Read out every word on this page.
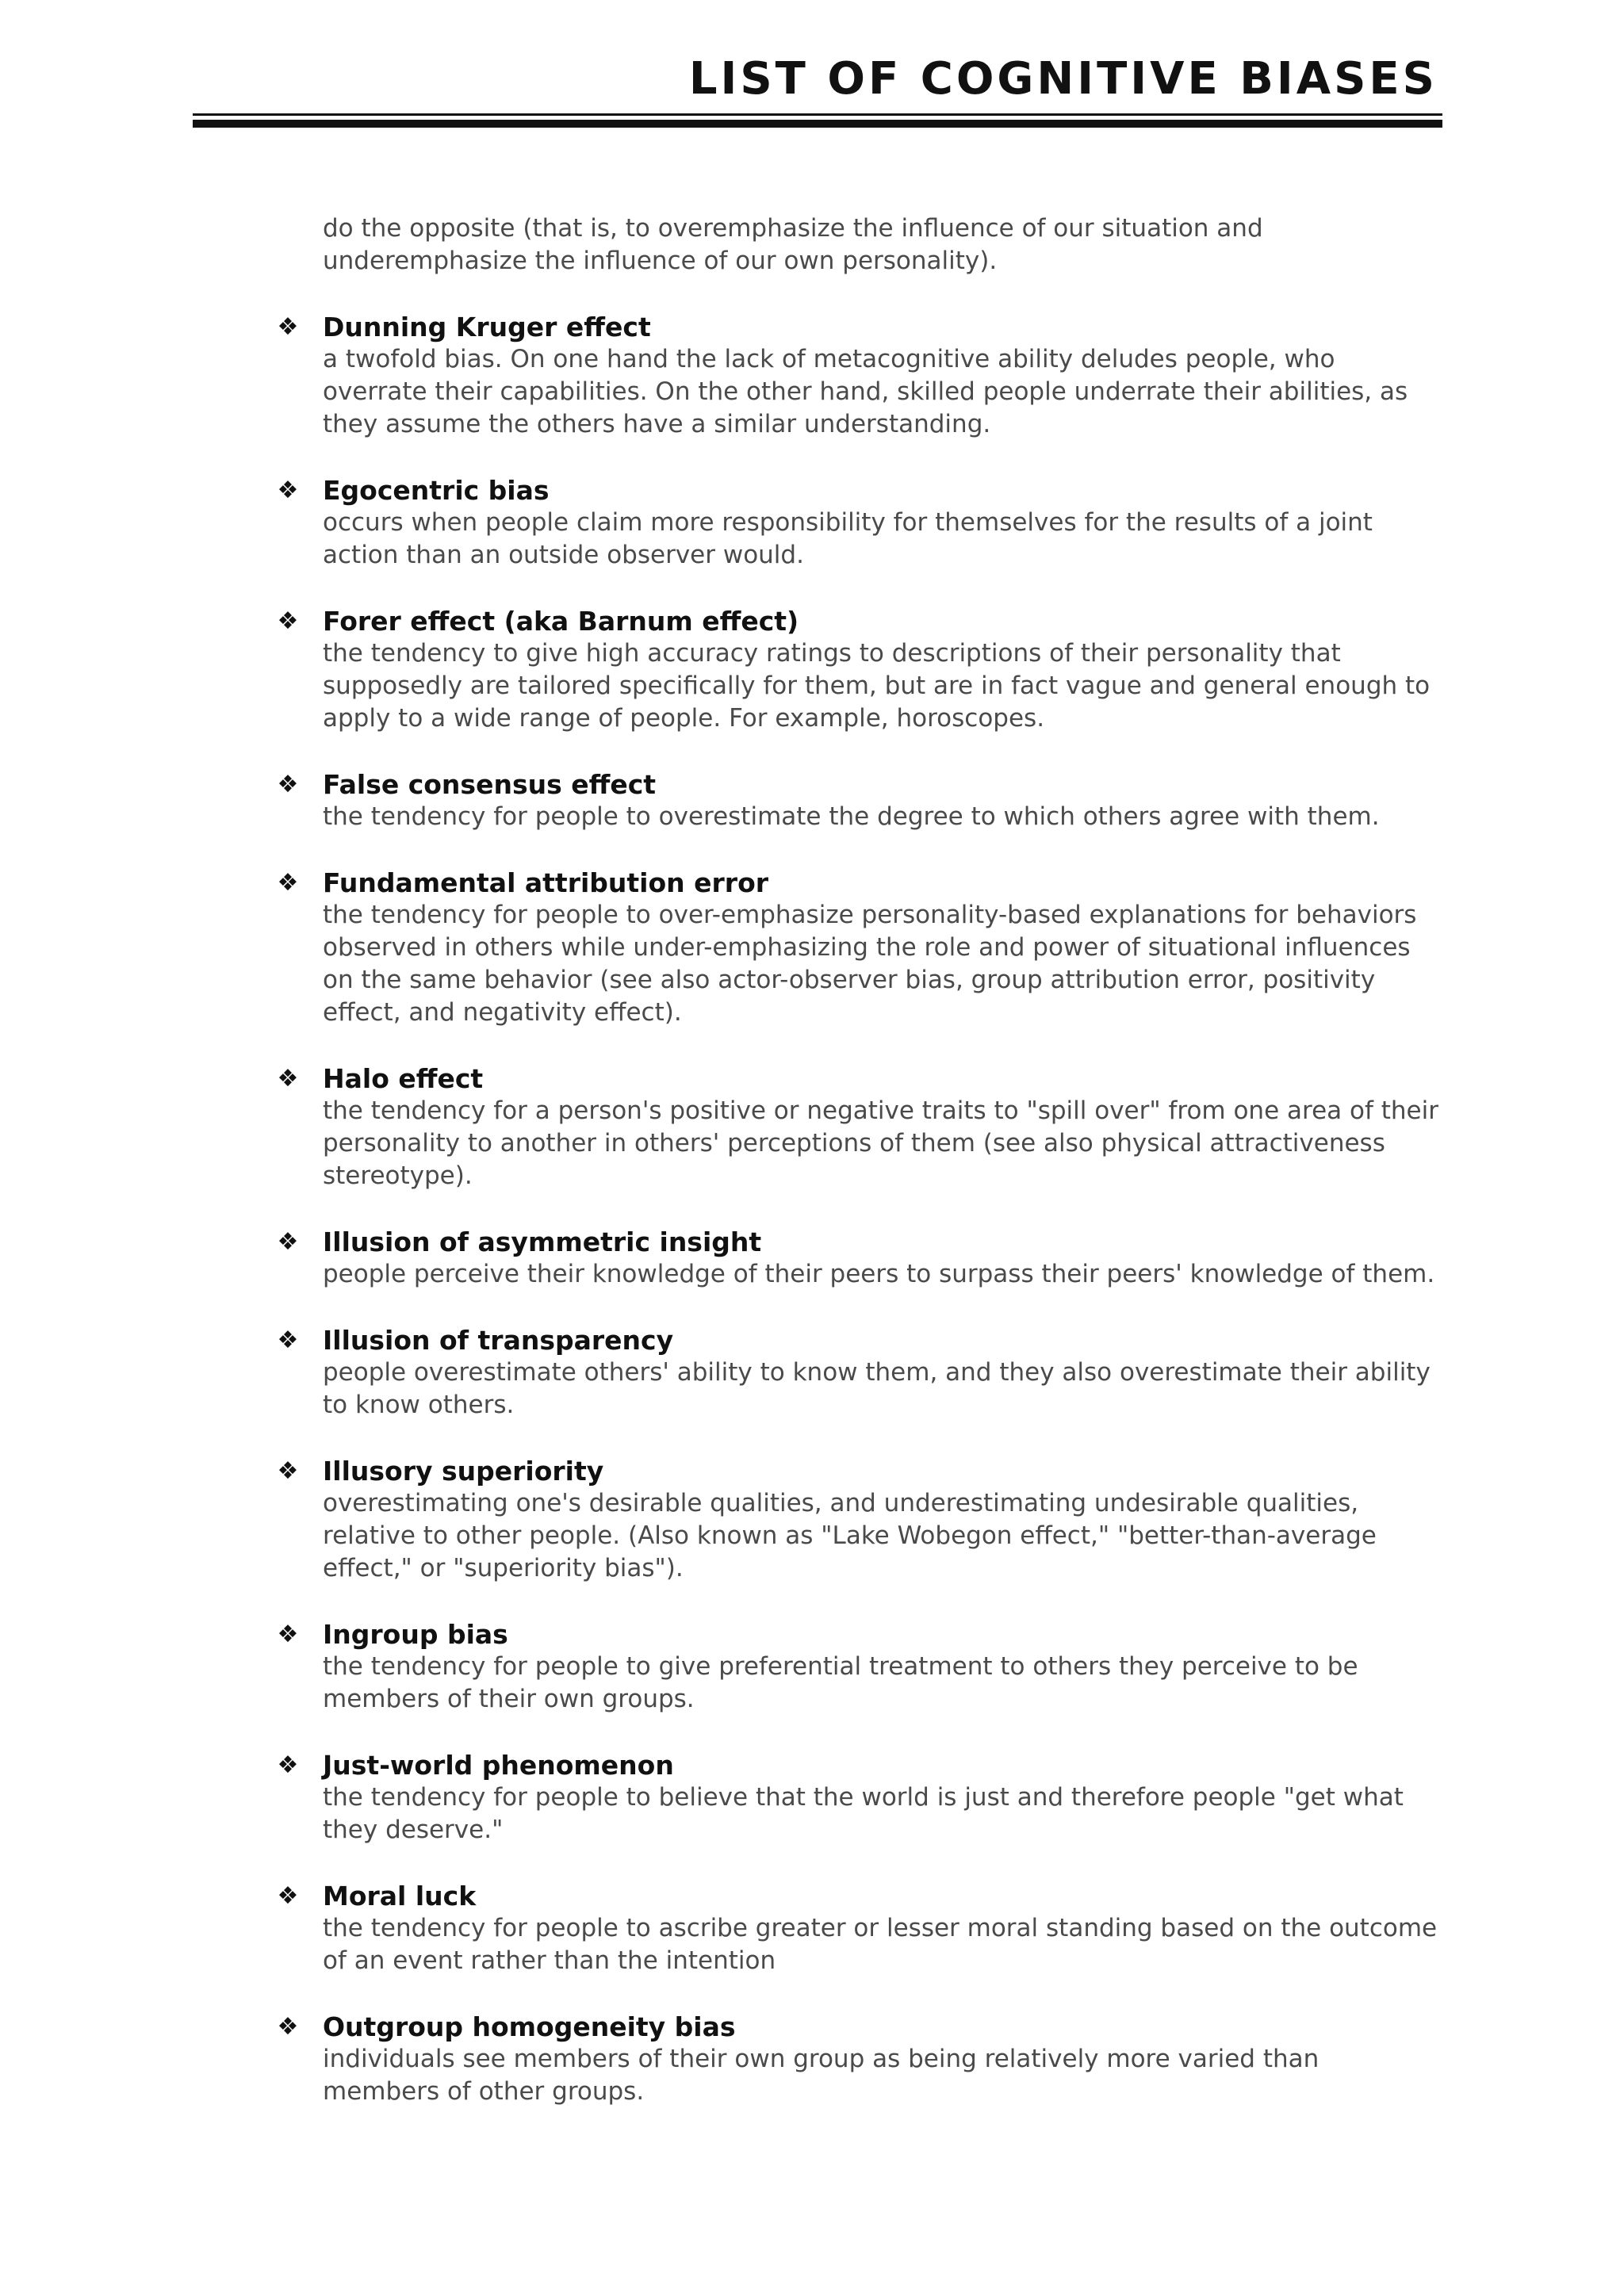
LIST OF COGNITIVE BIASES
do the opposite (that is, to overemphasize the influence of our situation and underemphasize the influence of our own personality).
❖ Dunning Kruger effect
a twofold bias. On one hand the lack of metacognitive ability deludes people, who overrate their capabilities. On the other hand, skilled people underrate their abilities, as they assume the others have a similar understanding.
❖ Egocentric bias
occurs when people claim more responsibility for themselves for the results of a joint action than an outside observer would.
❖ Forer effect (aka Barnum effect)
the tendency to give high accuracy ratings to descriptions of their personality that supposedly are tailored specifically for them, but are in fact vague and general enough to apply to a wide range of people. For example, horoscopes.
❖ False consensus effect
the tendency for people to overestimate the degree to which others agree with them.
❖ Fundamental attribution error
the tendency for people to over-emphasize personality-based explanations for behaviors observed in others while under-emphasizing the role and power of situational influences on the same behavior (see also actor-observer bias, group attribution error, positivity effect, and negativity effect).
❖ Halo effect
the tendency for a person's positive or negative traits to "spill over" from one area of their personality to another in others' perceptions of them (see also physical attractiveness stereotype).
❖ Illusion of asymmetric insight
people perceive their knowledge of their peers to surpass their peers' knowledge of them.
❖ Illusion of transparency
people overestimate others' ability to know them, and they also overestimate their ability to know others.
❖ Illusory superiority
overestimating one's desirable qualities, and underestimating undesirable qualities, relative to other people. (Also known as "Lake Wobegon effect," "better-than-average effect," or "superiority bias").
❖ Ingroup bias
the tendency for people to give preferential treatment to others they perceive to be members of their own groups.
❖ Just-world phenomenon
the tendency for people to believe that the world is just and therefore people "get what they deserve."
❖ Moral luck
the tendency for people to ascribe greater or lesser moral standing based on the outcome of an event rather than the intention
❖ Outgroup homogeneity bias
individuals see members of their own group as being relatively more varied than members of other groups.
